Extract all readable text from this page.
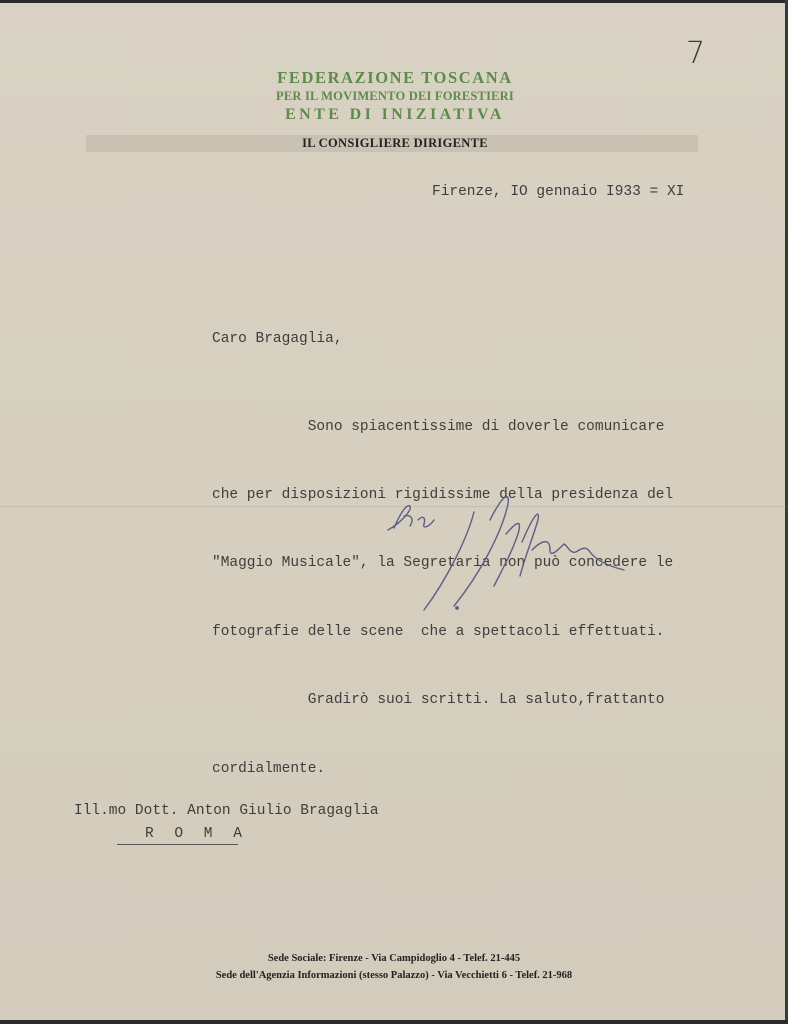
7
FEDERAZIONE TOSCANA
PER IL MOVIMENTO DEI FORESTIERI
ENTE DI INIZIATIVA
IL CONSIGLIERE DIRIGENTE
Firenze, IO gennaio I933 = XI
Caro Bragaglia,

Sono spiacentissime di doverle comunicare

che per disposizioni rigidissime della presidenza del

"Maggio Musicale", la Segretaria non può concedere le

fotografie delle scene  che a spettacoli effettuati.

Gradirò suoi scritti. La saluto,frattanto

cordialmente.

Ill.mo Dott. Anton Giulio Bragaglia
R O M A
Sede Sociale: Firenze - Via Campidoglio 4 - Telef. 21-445
Sede dell'Agenzia Informazioni (stesso Palazzo) - Via Vecchietti 6 - Telef. 21-968
